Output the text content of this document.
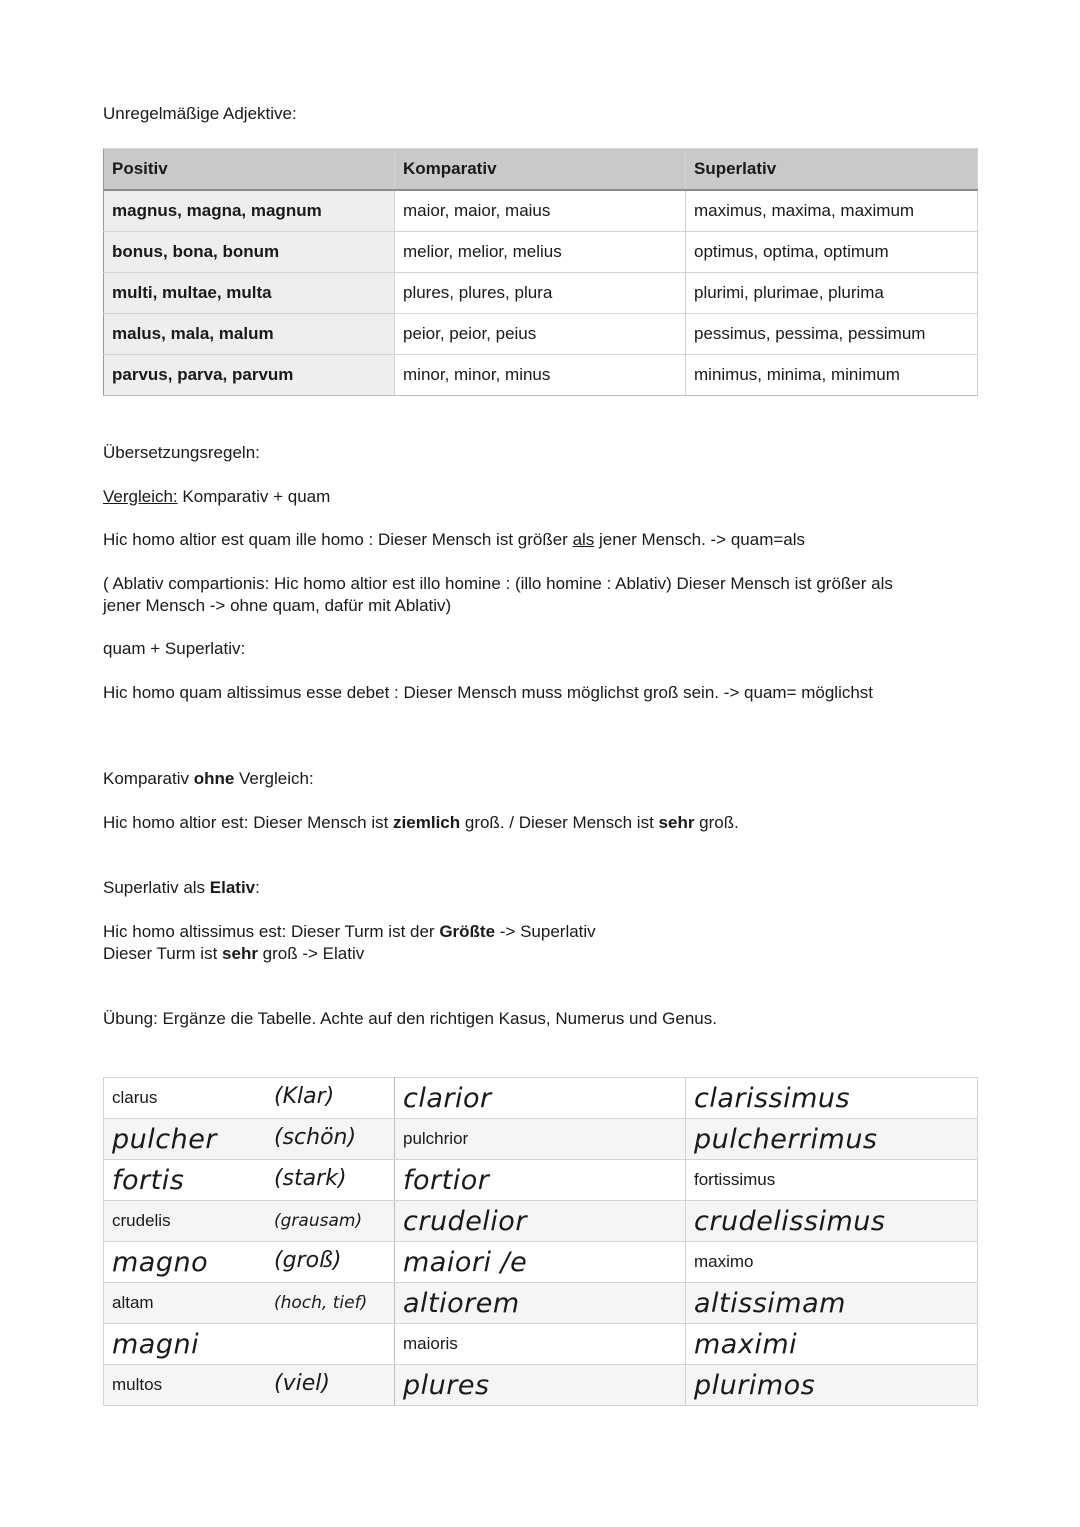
Unregelmäßige Adjektive:

Positiv	Komparativ	Superlativ
magnus, magna, magnum	maior, maior, maius	maximus, maxima, maximum
bonus, bona, bonum	melior, melior, melius	optimus, optima, optimum
multi, multae, multa	plures, plures, plura	plurimi, plurimae, plurima
malus, mala, malum	peior, peior, peius	pessimus, pessima, pessimum
parvus, parva, parvum	minor, minor, minus	minimus, minima, minimum

Übersetzungsregeln:

Vergleich: Komparativ + quam

Hic homo altior est quam ille homo : Dieser Mensch ist größer als jener Mensch. -> quam=als

( Ablativ compartionis: Hic homo altior est illo homine : (illo homine : Ablativ) Dieser Mensch ist größer als
jener Mensch -> ohne quam, dafür mit Ablativ)

quam + Superlativ:

Hic homo quam altissimus esse debet : Dieser Mensch muss möglichst groß sein. -> quam= möglichst

Komparativ ohne Vergleich:

Hic homo altior est: Dieser Mensch ist ziemlich groß. / Dieser Mensch ist sehr groß.

Superlativ als Elativ:

Hic homo altissimus est: Dieser Turm ist der Größte -> Superlativ
Dieser Turm ist sehr groß -> Elativ

Übung: Ergänze die Tabelle. Achte auf den richtigen Kasus, Numerus und Genus.

clarus (Klar)	clarior	clarissimus
pulcher (schön)	pulchrior	pulcherrimus
fortis (stark)	fortior	fortissimus
crudelis (grausam)	crudelior	crudelissimus
magno (groß)	maiori /e	maximo
altam (hoch, tief)	altiorem	altissimam
magni	maioris	maximi
multos (viel)	plures	plurimos
